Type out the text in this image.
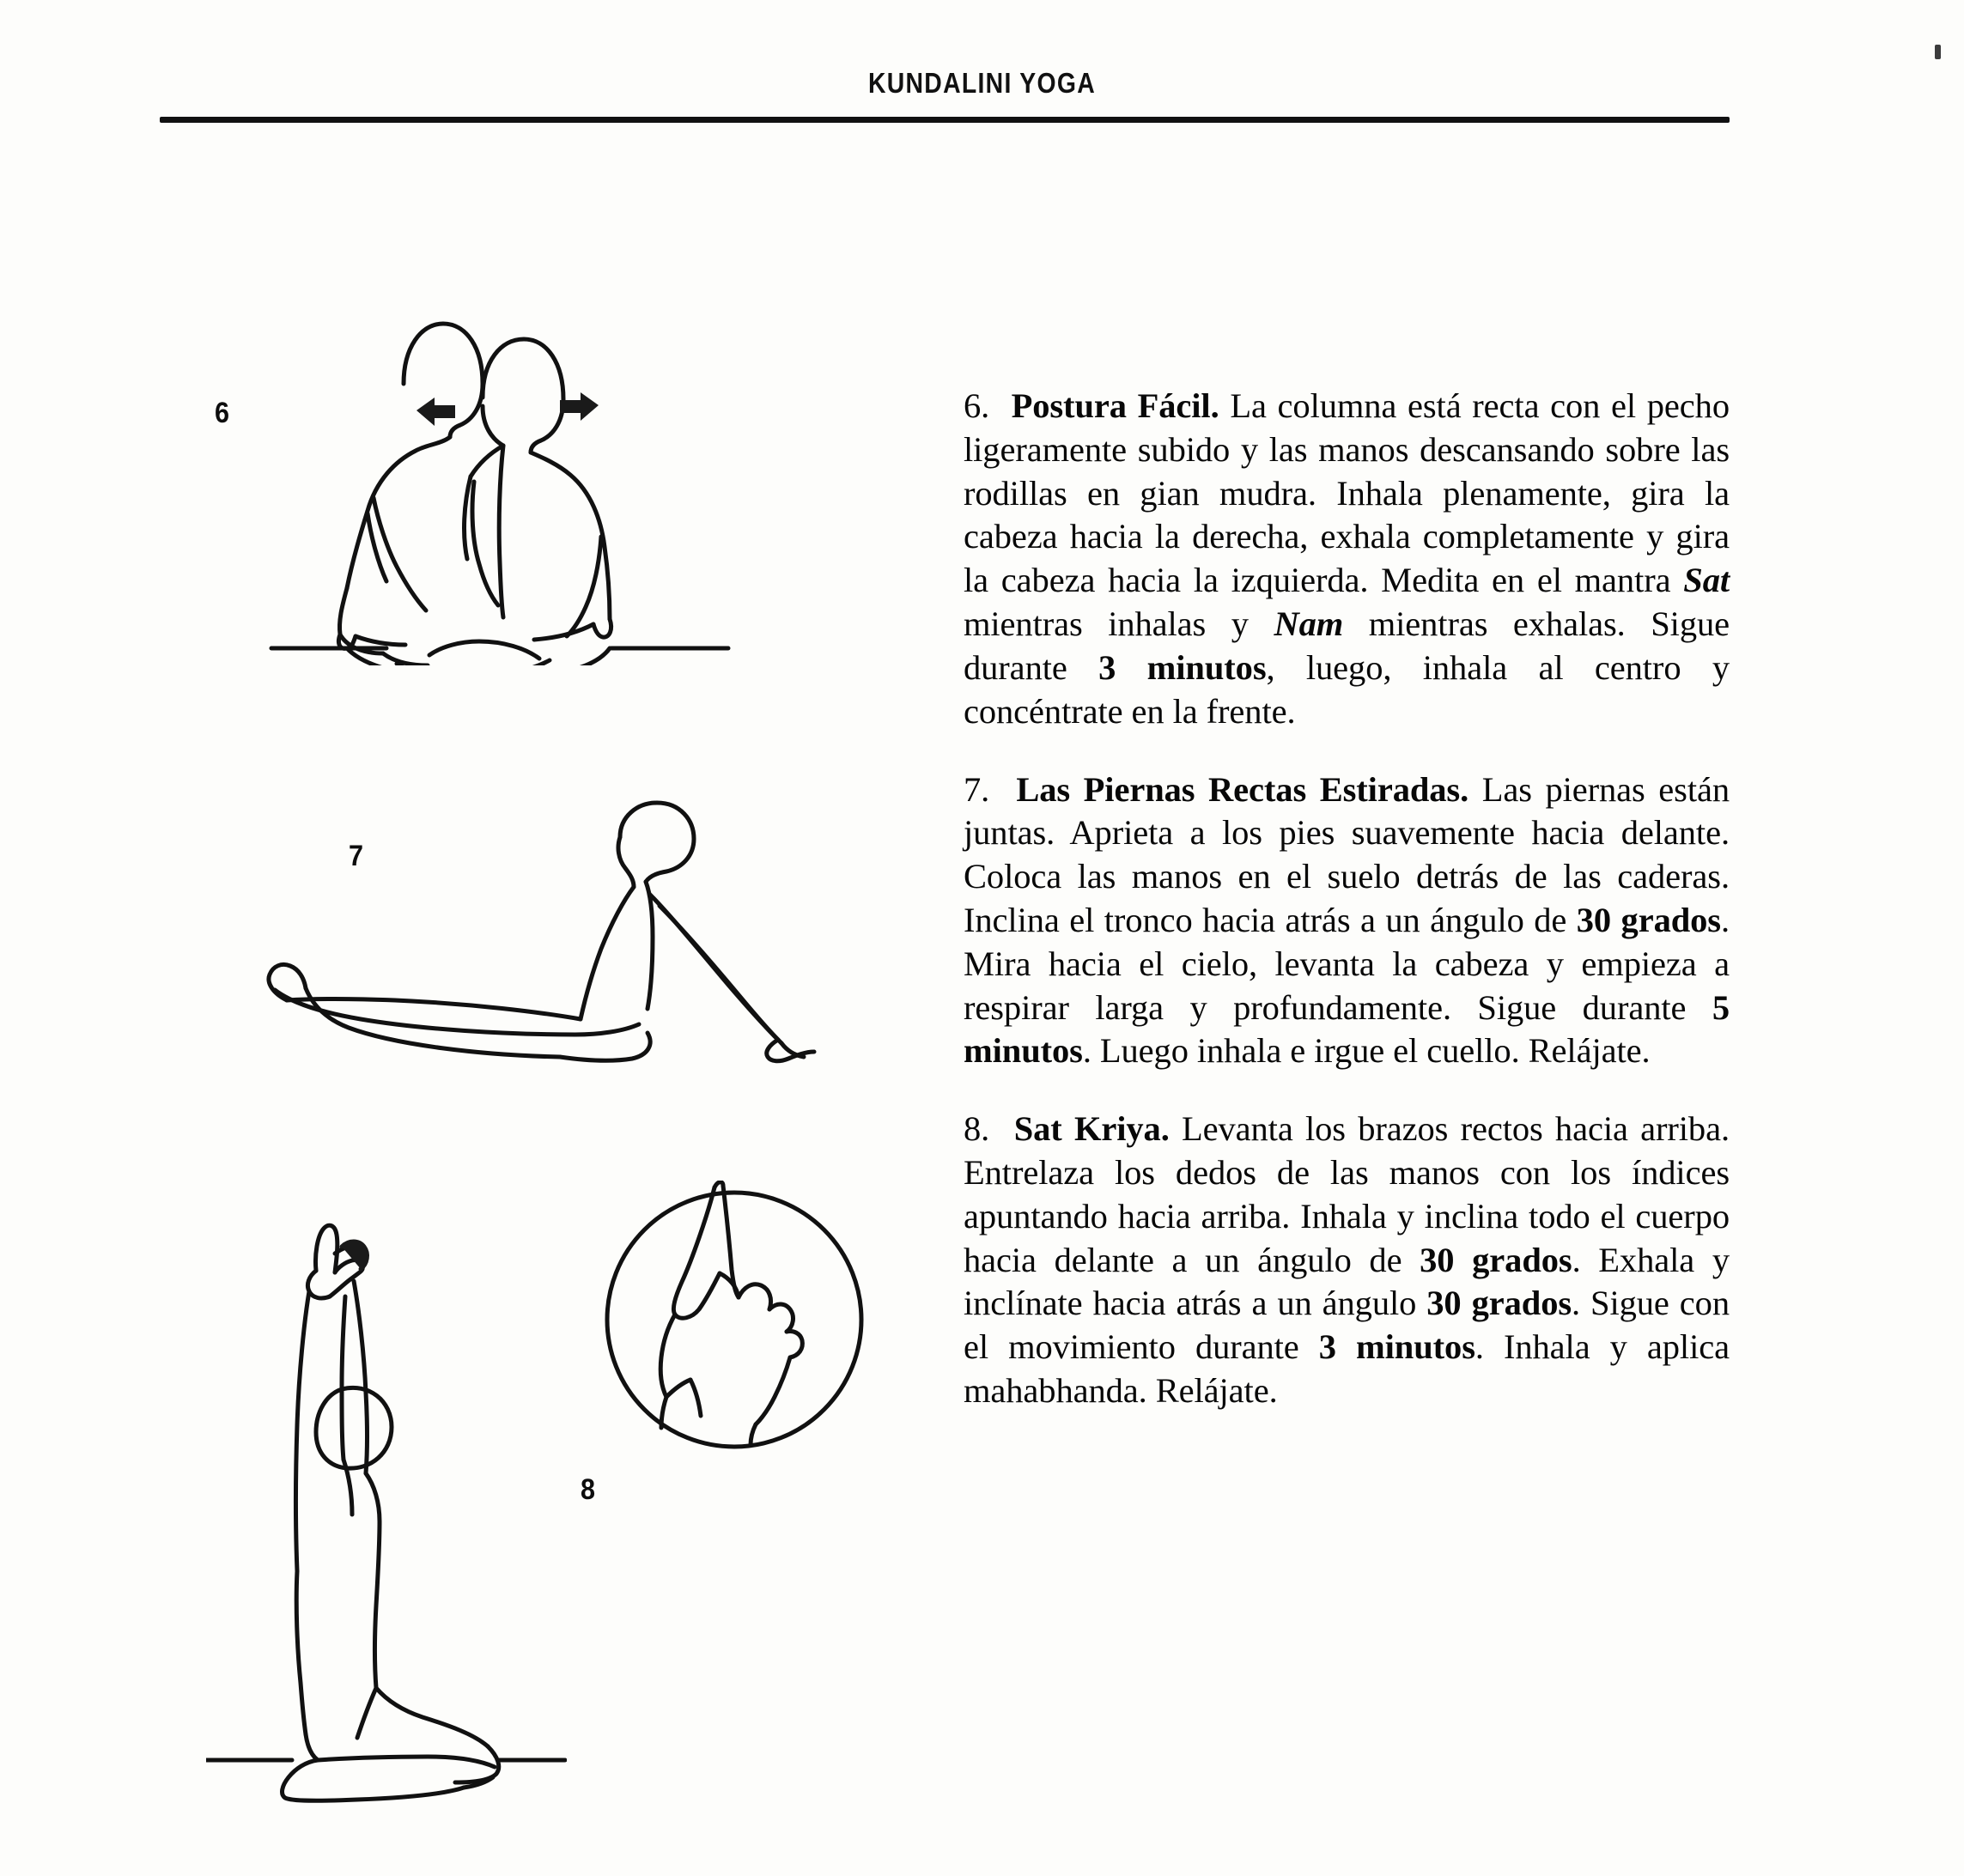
KUNDALINI YOGA
6
7
8

6. Postura Fácil. La columna está recta con el pecho ligeramente subido y las manos descansando sobre las rodillas en gian mudra. Inhala plenamente, gira la cabeza hacia la derecha, exhala completamente y gira la cabeza hacia la izquierda. Medita en el mantra Sat mientras inhalas y Nam mientras exhalas. Sigue durante 3 minutos, luego, inhala al centro y concéntrate en la frente.

7. Las Piernas Rectas Estiradas. Las piernas están juntas. Aprieta a los pies suavemente hacia delante. Coloca las manos en el suelo detrás de las caderas. Inclina el tronco hacia atrás a un ángulo de 30 grados. Mira hacia el cielo, levanta la cabeza y empieza a respirar larga y profundamente. Sigue durante 5 minutos. Luego inhala e irgue el cuello. Relájate.

8. Sat Kriya. Levanta los brazos rectos hacia arriba. Entrelaza los dedos de las manos con los índices apuntando hacia arriba. Inhala y inclina todo el cuerpo hacia delante a un ángulo de 30 grados. Exhala y inclínate hacia atrás a un ángulo 30 grados. Sigue con el movimiento durante 3 minutos. Inhala y aplica mahabhanda. Relájate.
